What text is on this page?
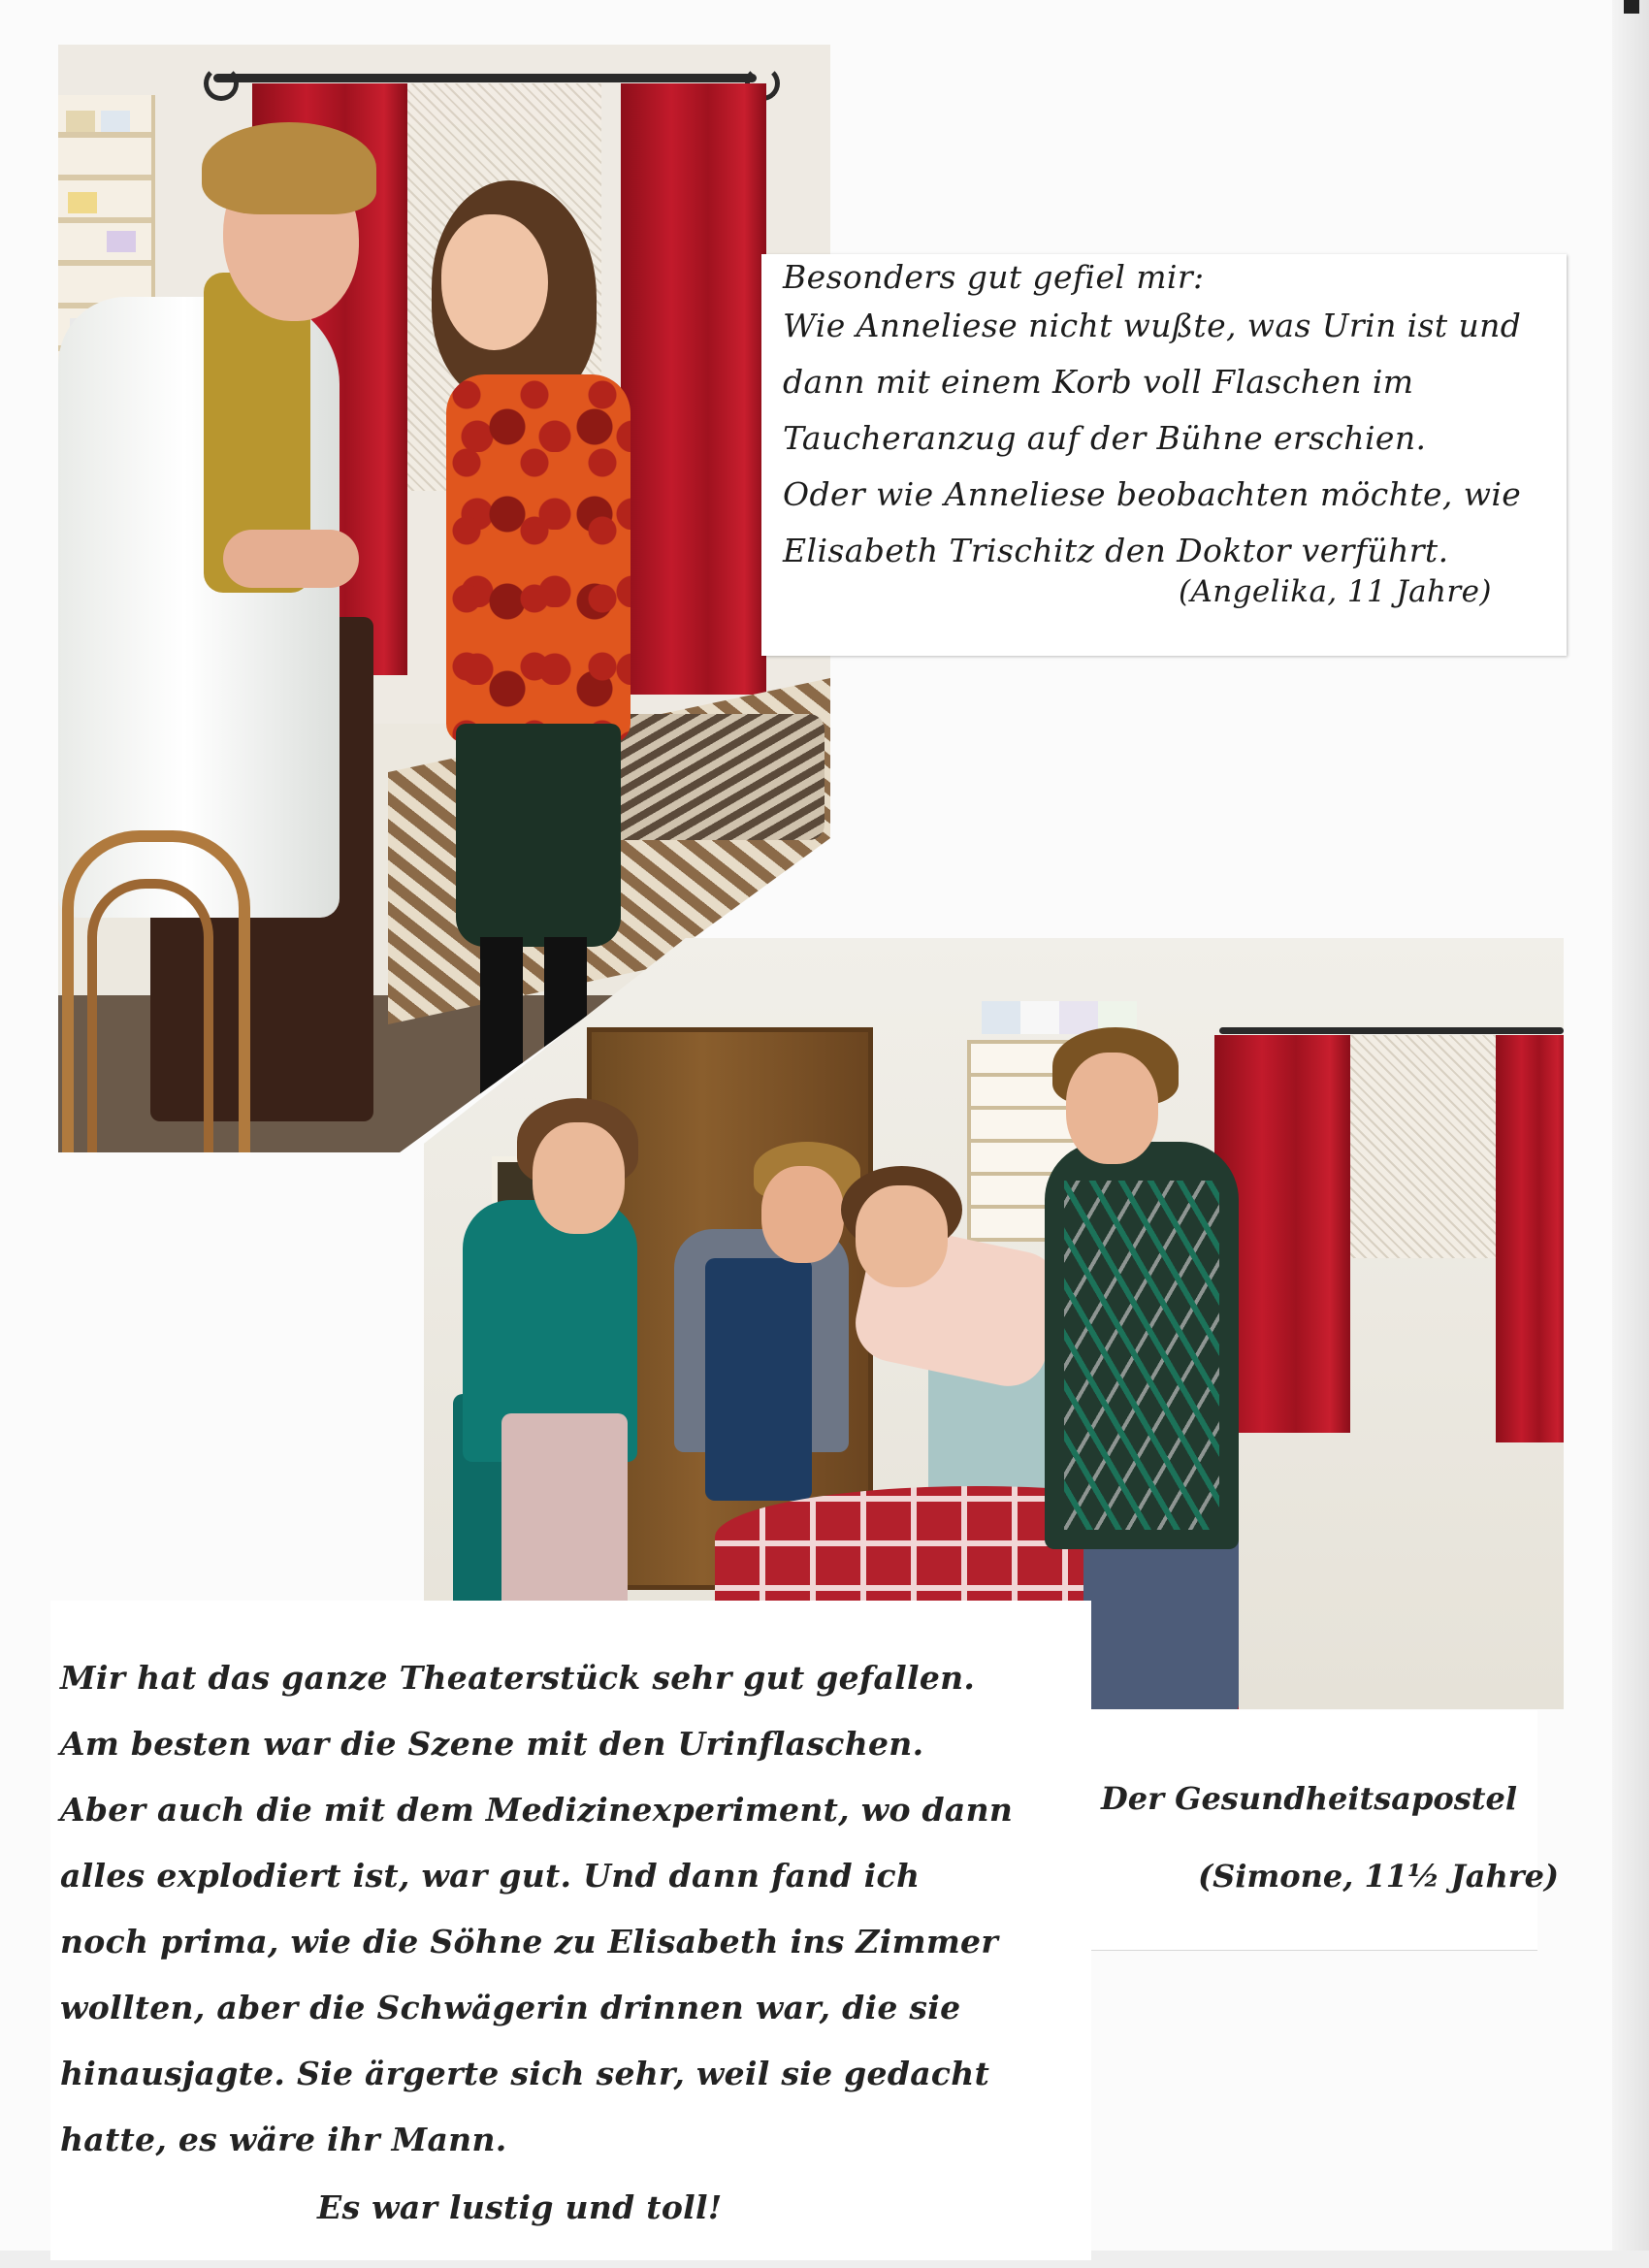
Besonders gut gefiel mir:

Wie Anneliese nicht wußte, was Urin ist und

dann mit einem Korb voll Flaschen im

Taucheranzug auf der Bühne erschien.

Oder wie Anneliese beobachten möchte, wie

Elisabeth Trischitz den Doktor verführt.

(Angelika, 11 Jahre)

Mir hat das ganze Theaterstück sehr gut gefallen.

Am besten war die Szene mit den Urinflaschen.

Aber auch die mit dem Medizinexperiment, wo dann

alles explodiert ist, war gut. Und dann fand ich

noch prima, wie die Söhne zu Elisabeth ins Zimmer

wollten, aber die Schwägerin drinnen war, die sie

hinausjagte. Sie ärgerte sich sehr, weil sie gedacht

hatte, es wäre ihr Mann.

Es war lustig und toll!

Der Gesundheitsapostel

(Simone, 11½ Jahre)
